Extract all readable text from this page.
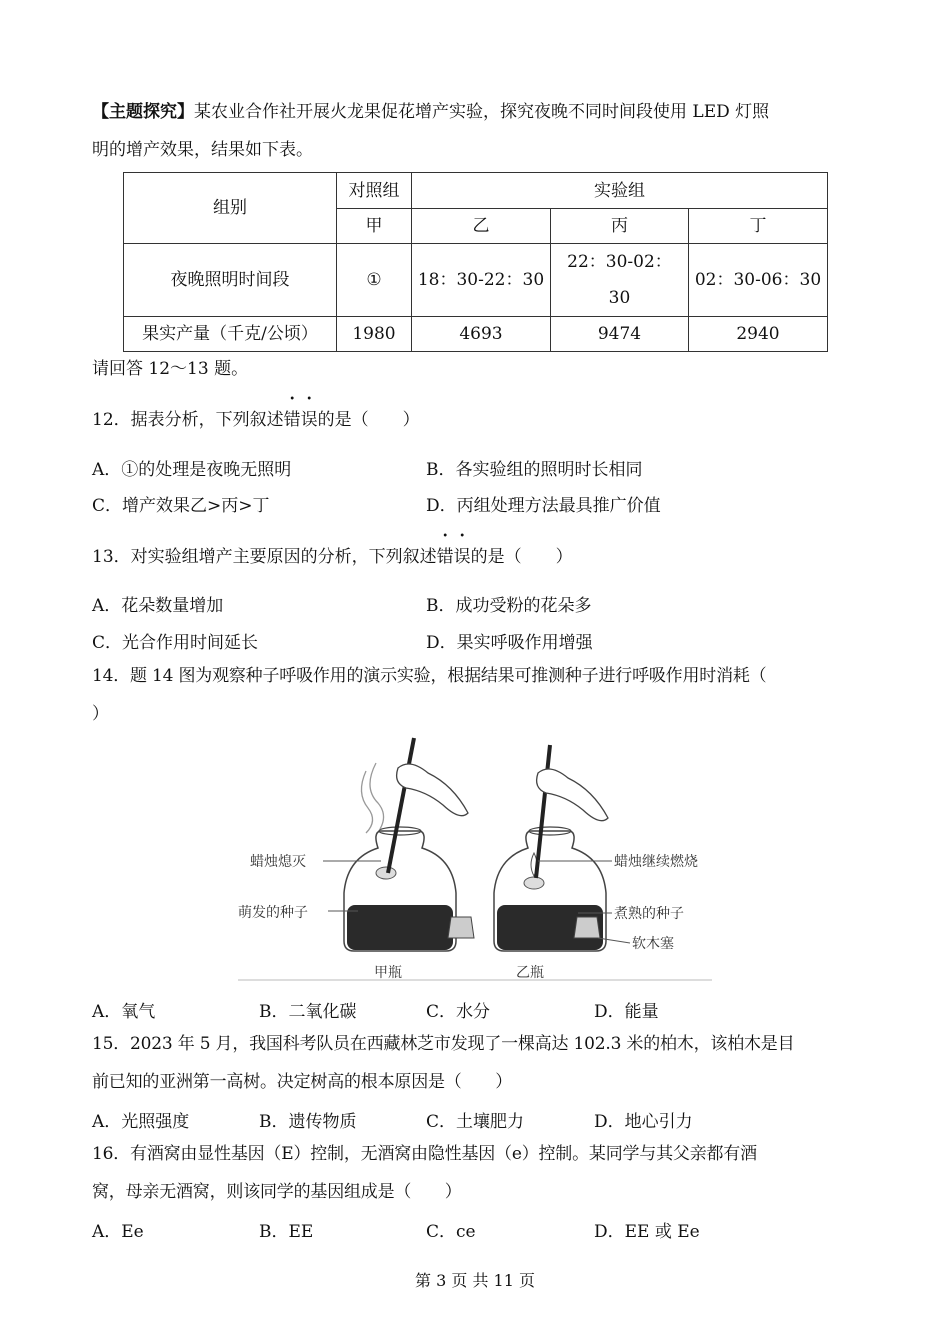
【主题探究】某农业合作社开展火龙果促花增产实验，探究夜晚不同时间段使用 LED 灯照
明的增产效果，结果如下表。
组别	对照组	实验组		
	甲	乙	丙	丁
夜晚照明时间段	①	18：30-22：30	22：30-02：
30	02：30-06：30
果实产量（千克/公顷）	1980	4693	9474	2940
请回答 12～13 题。
12．据表分析，下列叙述错误的是（　　）
A．①的处理是夜晚无照明	B．各实验组的照明时长相同
C．增产效果乙>丙>丁	D．丙组处理方法最具推广价值
13．对实验组增产主要原因的分析，下列叙述错误的是（　　）
A．花朵数量增加	B．成功受粉的花朵多
C．光合作用时间延长	D．果实呼吸作用增强
14．题 14 图为观察种子呼吸作用的演示实验，根据结果可推测种子进行呼吸作用时消耗（
）
蜡烛熄灭
萌发的种子
蜡烛继续燃烧
煮熟的种子
软木塞
甲瓶	乙瓶
A．氧气	B．二氧化碳	C．水分	D．能量
15．2023 年 5 月，我国科考队员在西藏林芝市发现了一棵高达 102.3 米的柏木，该柏木是目
前已知的亚洲第一高树。决定树高的根本原因是（　　）
A．光照强度	B．遗传物质	C．土壤肥力	D．地心引力
16．有酒窝由显性基因（E）控制，无酒窝由隐性基因（e）控制。某同学与其父亲都有酒
窝，母亲无酒窝，则该同学的基因组成是（　　）
A．Ee	B．EE	C．ce	D．EE 或 Ee
第 3 页 共 11 页
